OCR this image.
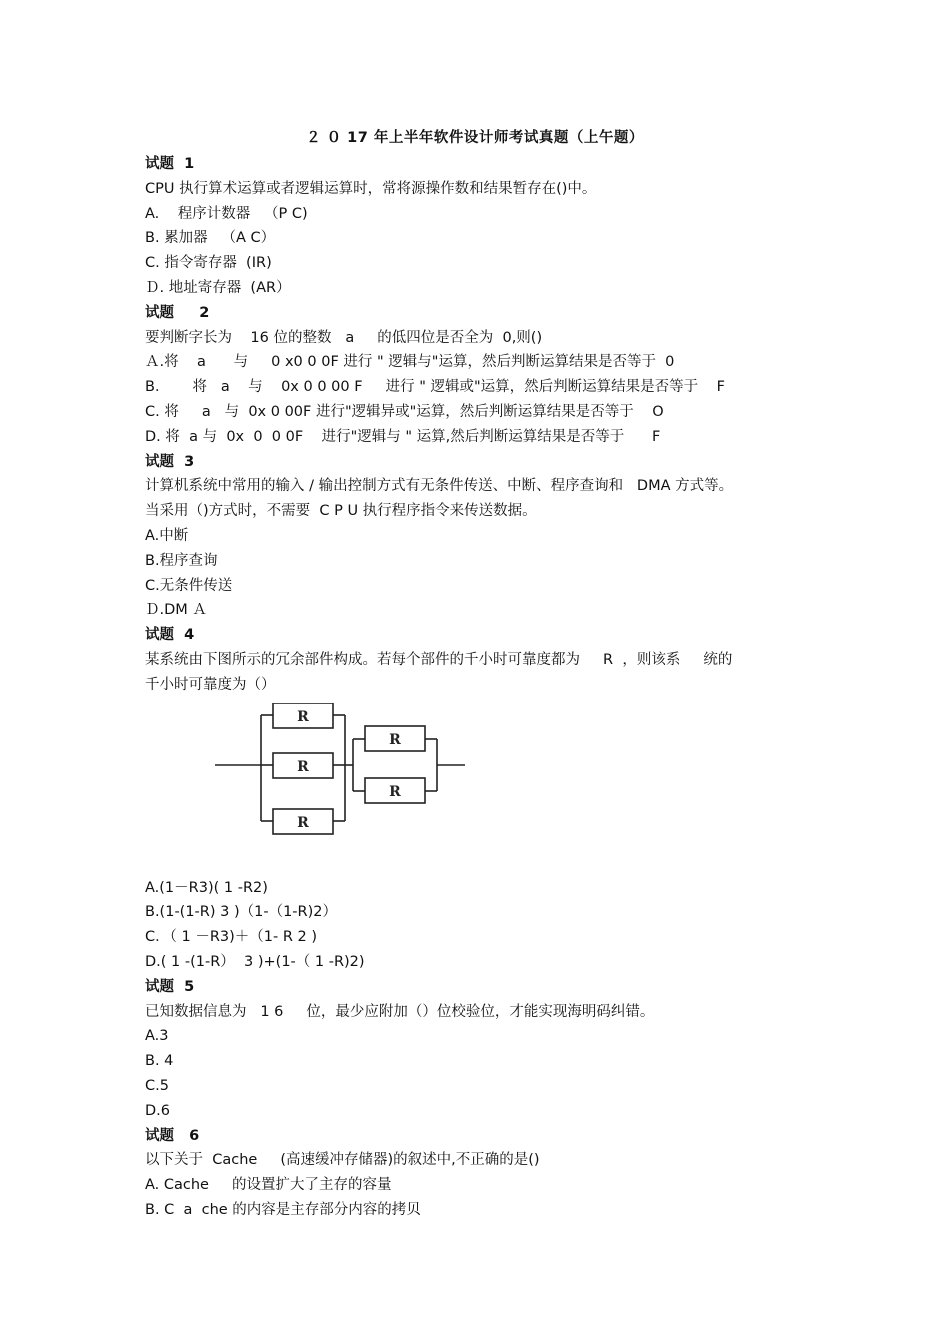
２ ０ 17 年上半年软件设计师考试真题（上午题）
试题  1
CPU 执行算术运算或者逻辑运算时，常将源操作数和结果暂存在()中。
A.    程序计数器   （P C)
B. 累加器   （A C）
C. 指令寄存器  (IR)
Ｄ. 地址寄存器  (AR）
试题     2
要判断字长为    16 位的整数   a     的低四位是否全为  0,则()
Ａ.将    a      与     0 x0 0 0F 进行 " 逻辑与"运算，然后判断运算结果是否等于  0
B．     将   a    与    0x 0 0 00 F     进行 " 逻辑或"运算，然后判断运算结果是否等于    F
C. 将     a   与  0x 0 00F 进行"逻辑异或"运算，然后判断运算结果是否等于    O
D. 将  a 与  0x  0  0 0F    进行"逻辑与 " 运算,然后判断运算结果是否等于      F
试题  3
计算机系统中常用的输入 / 输出控制方式有无条件传送、中断、程序查询和   DMA 方式等。
当采用（)方式时，不需要  C P U 执行程序指令来传送数据。
A.中断
B.程序查询
C.无条件传送
Ｄ.DM Ａ
试题  4
某系统由下图所示的冗余部件构成。若每个部件的千小时可靠度都为     R  ，则该系     统的
千小时可靠度为（）
R
R
R
R
R
A.(1－R3)( 1 -R2)
B.(1-(1-R) 3 )（1-（1-R)2）
C．（ 1 －R3)＋（1- R 2 )
D.( 1 -(1-R）  3 )+(1-（ 1 -R)2)
试题  5
已知数据信息为   1 6     位，最少应附加（）位校验位，才能实现海明码纠错。
A.3
B. 4
C.5
D.6
试题   6
以下关于  Cache     (高速缓冲存储器)的叙述中,不正确的是()
A. Cache     的设置扩大了主存的容量
B. C  a  che 的内容是主存部分内容的拷贝
